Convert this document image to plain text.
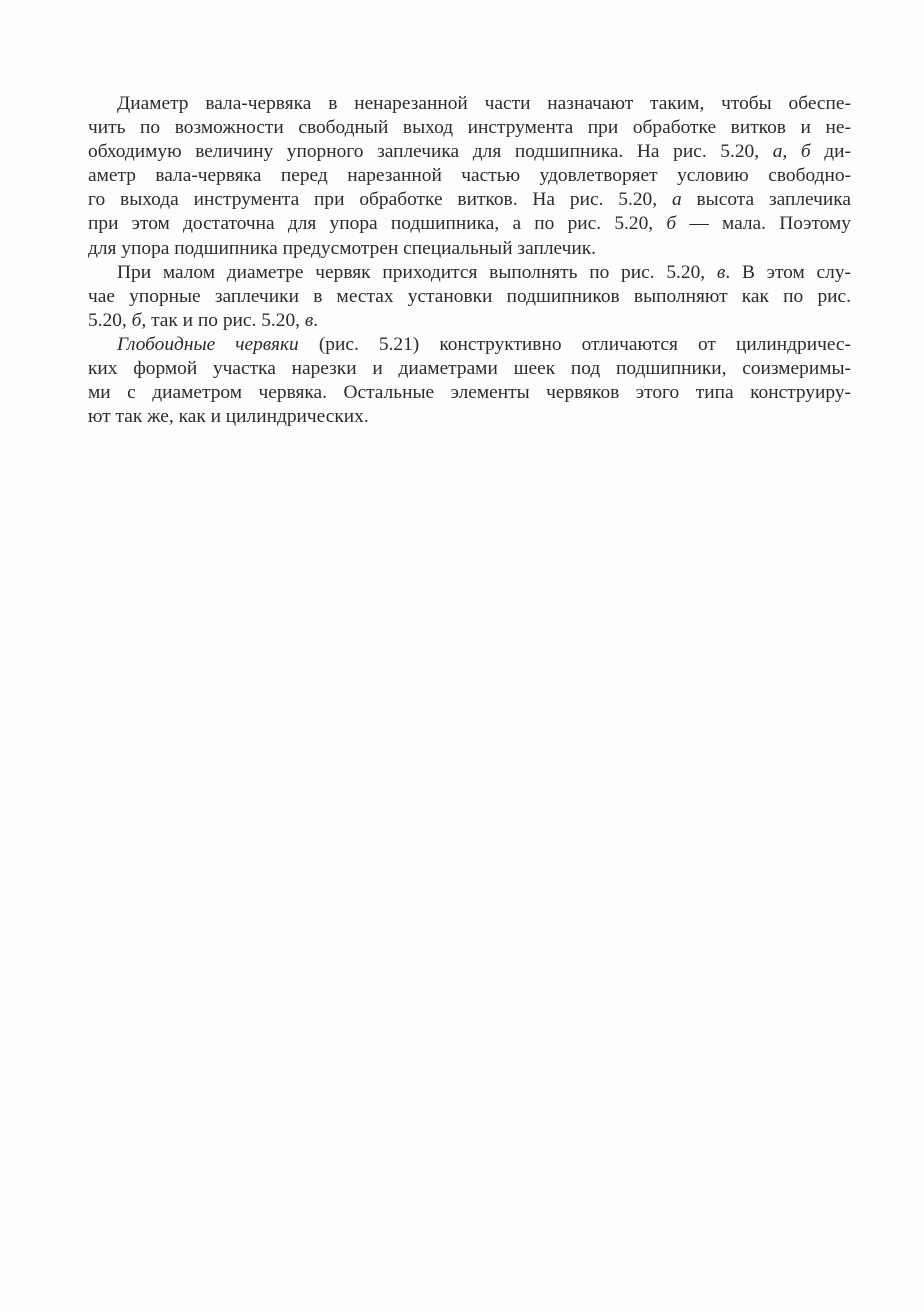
Диаметр вала-червяка в ненарезанной части назначают таким, чтобы обеспе-
чить по возможности свободный выход инструмента при обработке витков и не-
обходимую величину упорного заплечика для подшипника. На рис. 5.20, а, б ди-
аметр вала-червяка перед нарезанной частью удовлетворяет условию свободно-
го выхода инструмента при обработке витков. На рис. 5.20, а высота заплечика
при этом достаточна для упора подшипника, а по рис. 5.20, б — мала. Поэтому
для упора подшипника предусмотрен специальный заплечик.
При малом диаметре червяк приходится выполнять по рис. 5.20, в. В этом слу-
чае упорные заплечики в местах установки подшипников выполняют как по рис.
5.20, б, так и по рис. 5.20, в.
Глобоидные червяки (рис. 5.21) конструктивно отличаются от цилиндричес-
ких формой участка нарезки и диаметрами шеек под подшипники, соизмеримы-
ми с диаметром червяка. Остальные элементы червяков этого типа конструиру-
ют так же, как и цилиндрических.
